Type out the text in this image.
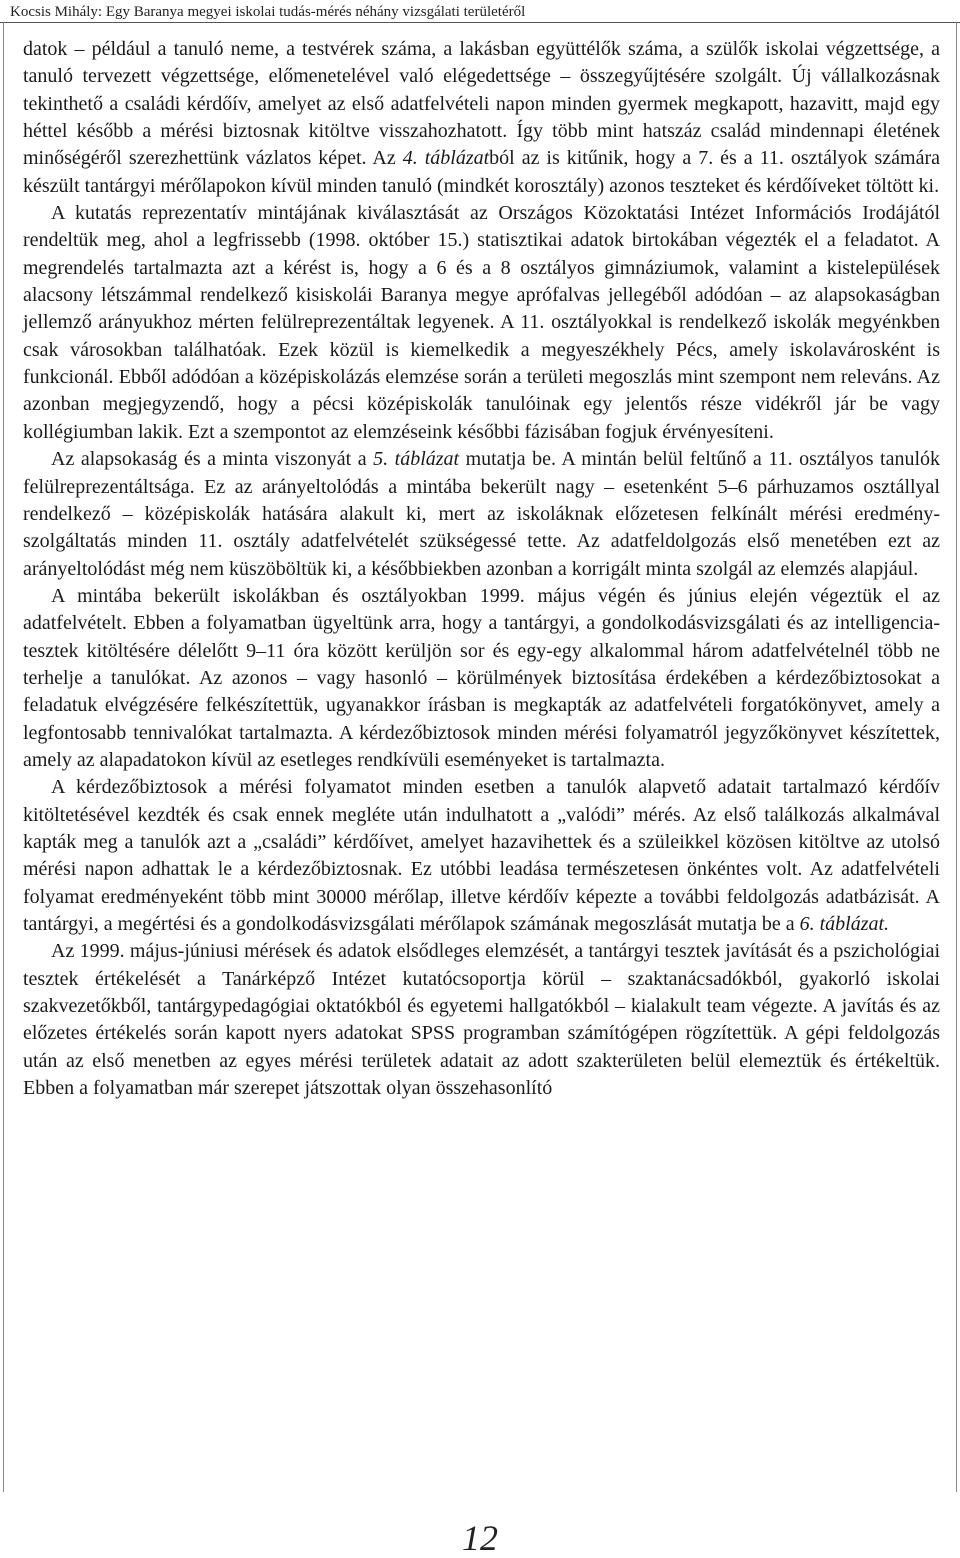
Kocsis Mihály: Egy Baranya megyei iskolai tudás-mérés néhány vizsgálati területéről

datok – például a tanuló neme, a testvérek száma, a lakásban együttélők száma, a szülők iskolai végzettsége, a tanuló tervezett végzettsége, előmenetelével való elégedettsége – összegyűjtésére szolgált. Új vállalkozásnak tekinthető a családi kérdőív, amelyet az első adatfelvételi napon minden gyermek megkapott, hazavitt, majd egy héttel később a mérési biztosnak kitöltve visszahozhatott. Így több mint hatszáz család mindennapi életének minőségéről szerezhettünk vázlatos képet. Az 4. táblázatból az is kitűnik, hogy a 7. és a 11. osztályok számára készült tantárgyi mérőlapokon kívül minden tanuló (mindkét korosztály) azonos teszteket és kérdőíveket töltött ki.

A kutatás reprezentatív mintájának kiválasztását az Országos Közoktatási Intézet Információs Irodájától rendeltük meg, ahol a legfrissebb (1998. október 15.) statisztikai adatok birtokában végezték el a feladatot. A megrendelés tartalmazta azt a kérést is, hogy a 6 és a 8 osztályos gimnáziumok, valamint a kistelepülések alacsony létszámmal rendelkező kisiskolái Baranya megye aprófalvas jellegéből adódóan – az alapsokaságban jellemző arányukhoz mérten felülreprezentáltak legyenek. A 11. osztályokkal is rendelkező iskolák megyénkben csak városokban találhatóak. Ezek közül is kiemelkedik a megyeszékhely Pécs, amely iskolavárosként is funkcionál. Ebből adódóan a középiskolázás elemzése során a területi megoszlás mint szempont nem releváns. Az azonban megjegyzendő, hogy a pécsi középiskolák tanulóinak egy jelentős része vidékről jár be vagy kollégiumban lakik. Ezt a szempontot az elemzéseink későbbi fázisában fogjuk érvényesíteni.

Az alapsokaság és a minta viszonyát a 5. táblázat mutatja be. A mintán belül feltűnő a 11. osztályos tanulók felülreprezentáltsága. Ez az arányeltolódás a mintába bekerült nagy – esetenként 5–6 párhuzamos osztállyal rendelkező – középiskolák hatására alakult ki, mert az iskoláknak előzetesen felkínált mérési eredmény-szolgáltatás minden 11. osztály adatfelvételét szükségessé tette. Az adatfeldolgozás első menetében ezt az arányeltolódást még nem küszöböltük ki, a későbbiekben azonban a korrigált minta szolgál az elemzés alapjául.

A mintába bekerült iskolákban és osztályokban 1999. május végén és június elején végeztük el az adatfelvételt. Ebben a folyamatban ügyeltünk arra, hogy a tantárgyi, a gondolkodásvizsgálati és az intelligencia-tesztek kitöltésére délelőtt 9–11 óra között kerüljön sor és egy-egy alkalommal három adatfelvételnél több ne terhelje a tanulókat. Az azonos – vagy hasonló – körülmények biztosítása érdekében a kérdezőbiztosokat a feladatuk elvégzésére felkészítettük, ugyanakkor írásban is megkapták az adatfelvételi forgatókönyvet, amely a legfontosabb tennivalókat tartalmazta. A kérdezőbiztosok minden mérési folyamatról jegyzőkönyvet készítettek, amely az alapadatokon kívül az esetleges rendkívüli eseményeket is tartalmazta.

A kérdezőbiztosok a mérési folyamatot minden esetben a tanulók alapvető adatait tartalmazó kérdőív kitöltetésével kezdték és csak ennek megléte után indulhatott a „valódi” mérés. Az első találkozás alkalmával kapták meg a tanulók azt a „családi” kérdőívet, amelyet hazavihettek és a szüleikkel közösen kitöltve az utolsó mérési napon adhattak le a kérdezőbiztosnak. Ez utóbbi leadása természetesen önkéntes volt. Az adatfelvételi folyamat eredményeként több mint 30000 mérőlap, illetve kérdőív képezte a további feldolgozás adatbázisát. A tantárgyi, a megértési és a gondolkodásvizsgálati mérőlapok számának megoszlását mutatja be a 6. táblázat.

Az 1999. május-júniusi mérések és adatok elsődleges elemzését, a tantárgyi tesztek javítását és a pszichológiai tesztek értékelését a Tanárképző Intézet kutatócsoportja körül – szaktanácsadókból, gyakorló iskolai szakvezetőkből, tantárgypedagógiai oktatókból és egyetemi hallgatókból – kialakult team végezte. A javítás és az előzetes értékelés során kapott nyers adatokat SPSS programban számítógépen rögzítettük. A gépi feldolgozás után az első menetben az egyes mérési területek adatait az adott szakterületen belül elemeztük és értékeltük. Ebben a folyamatban már szerepet játszottak olyan összehasonlító

12
